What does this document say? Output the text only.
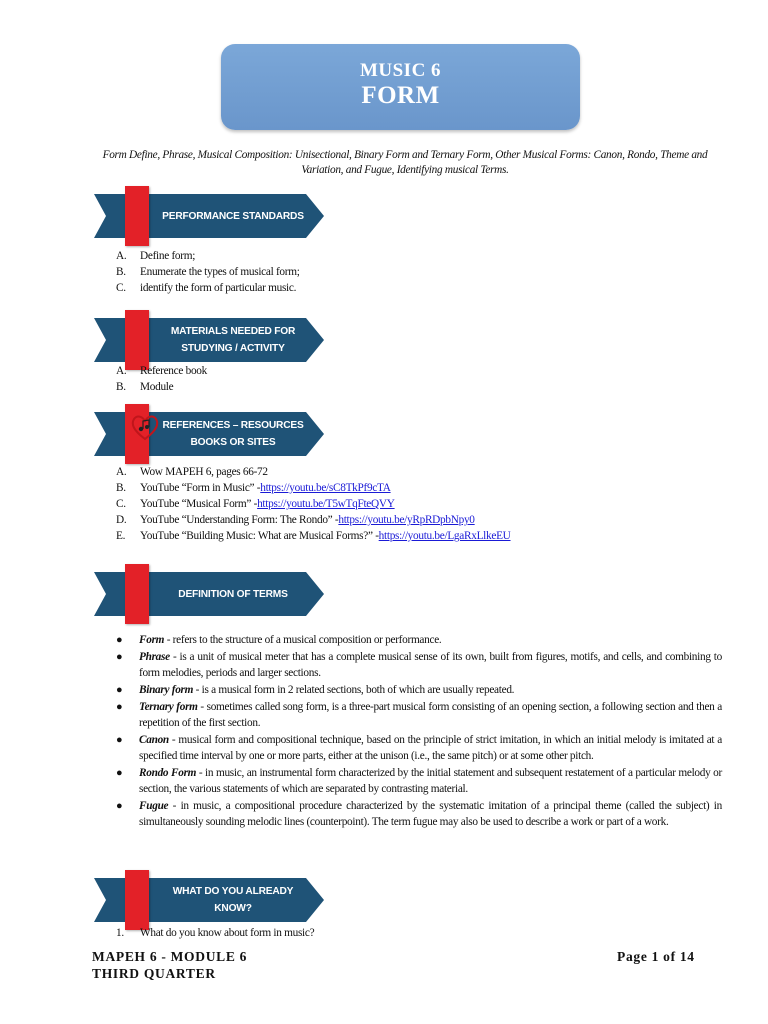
MUSIC 6
FORM
Form Define, Phrase, Musical Composition: Unisectional, Binary Form and Ternary Form, Other Musical Forms: Canon, Rondo, Theme and Variation, and Fugue, Identifying musical Terms.
PERFORMANCE STANDARDS
A.	Define form;
B.	Enumerate the types of musical form;
C.	identify the form of particular music.
MATERIALS NEEDED FOR
STUDYING / ACTIVITY
A.	Reference book
B.	Module
REFERENCES – RESOURCES
BOOKS OR SITES
A.	Wow MAPEH 6, pages 66-72
B.	YouTube “Form in Music” - https://youtu.be/sC8TkPf9cTA
C.	YouTube “Musical Form” - https://youtu.be/T5wTqFteQVY
D.	YouTube “Understanding Form: The Rondo” - https://youtu.be/yRpRDpbNpy0
E.	YouTube “Building Music: What are Musical Forms?” - https://youtu.be/LgaRxLlkeEU
DEFINITION OF TERMS
●	Form - refers to the structure of a musical composition or performance.
●	Phrase - is a unit of musical meter that has a complete musical sense of its own, built from figures, motifs, and cells, and combining to form melodies, periods and larger sections.
●	Binary form - is a musical form in 2 related sections, both of which are usually repeated.
●	Ternary form - sometimes called song form, is a three-part musical form consisting of an opening section, a following section and then a repetition of the first section.
●	Canon - musical form and compositional technique, based on the principle of strict imitation, in which an initial melody is imitated at a specified time interval by one or more parts, either at the unison (i.e., the same pitch) or at some other pitch.
●	Rondo Form - in music, an instrumental form characterized by the initial statement and subsequent restatement of a particular melody or section, the various statements of which are separated by contrasting material.
●	Fugue - in music, a compositional procedure characterized by the systematic imitation of a principal theme (called the subject) in simultaneously sounding melodic lines (counterpoint). The term fugue may also be used to describe a work or part of a work.
WHAT DO YOU ALREADY
KNOW?
1.	What do you know about form in music?
MAPEH 6 - MODULE 6
THIRD QUARTER
Page 1 of 14
